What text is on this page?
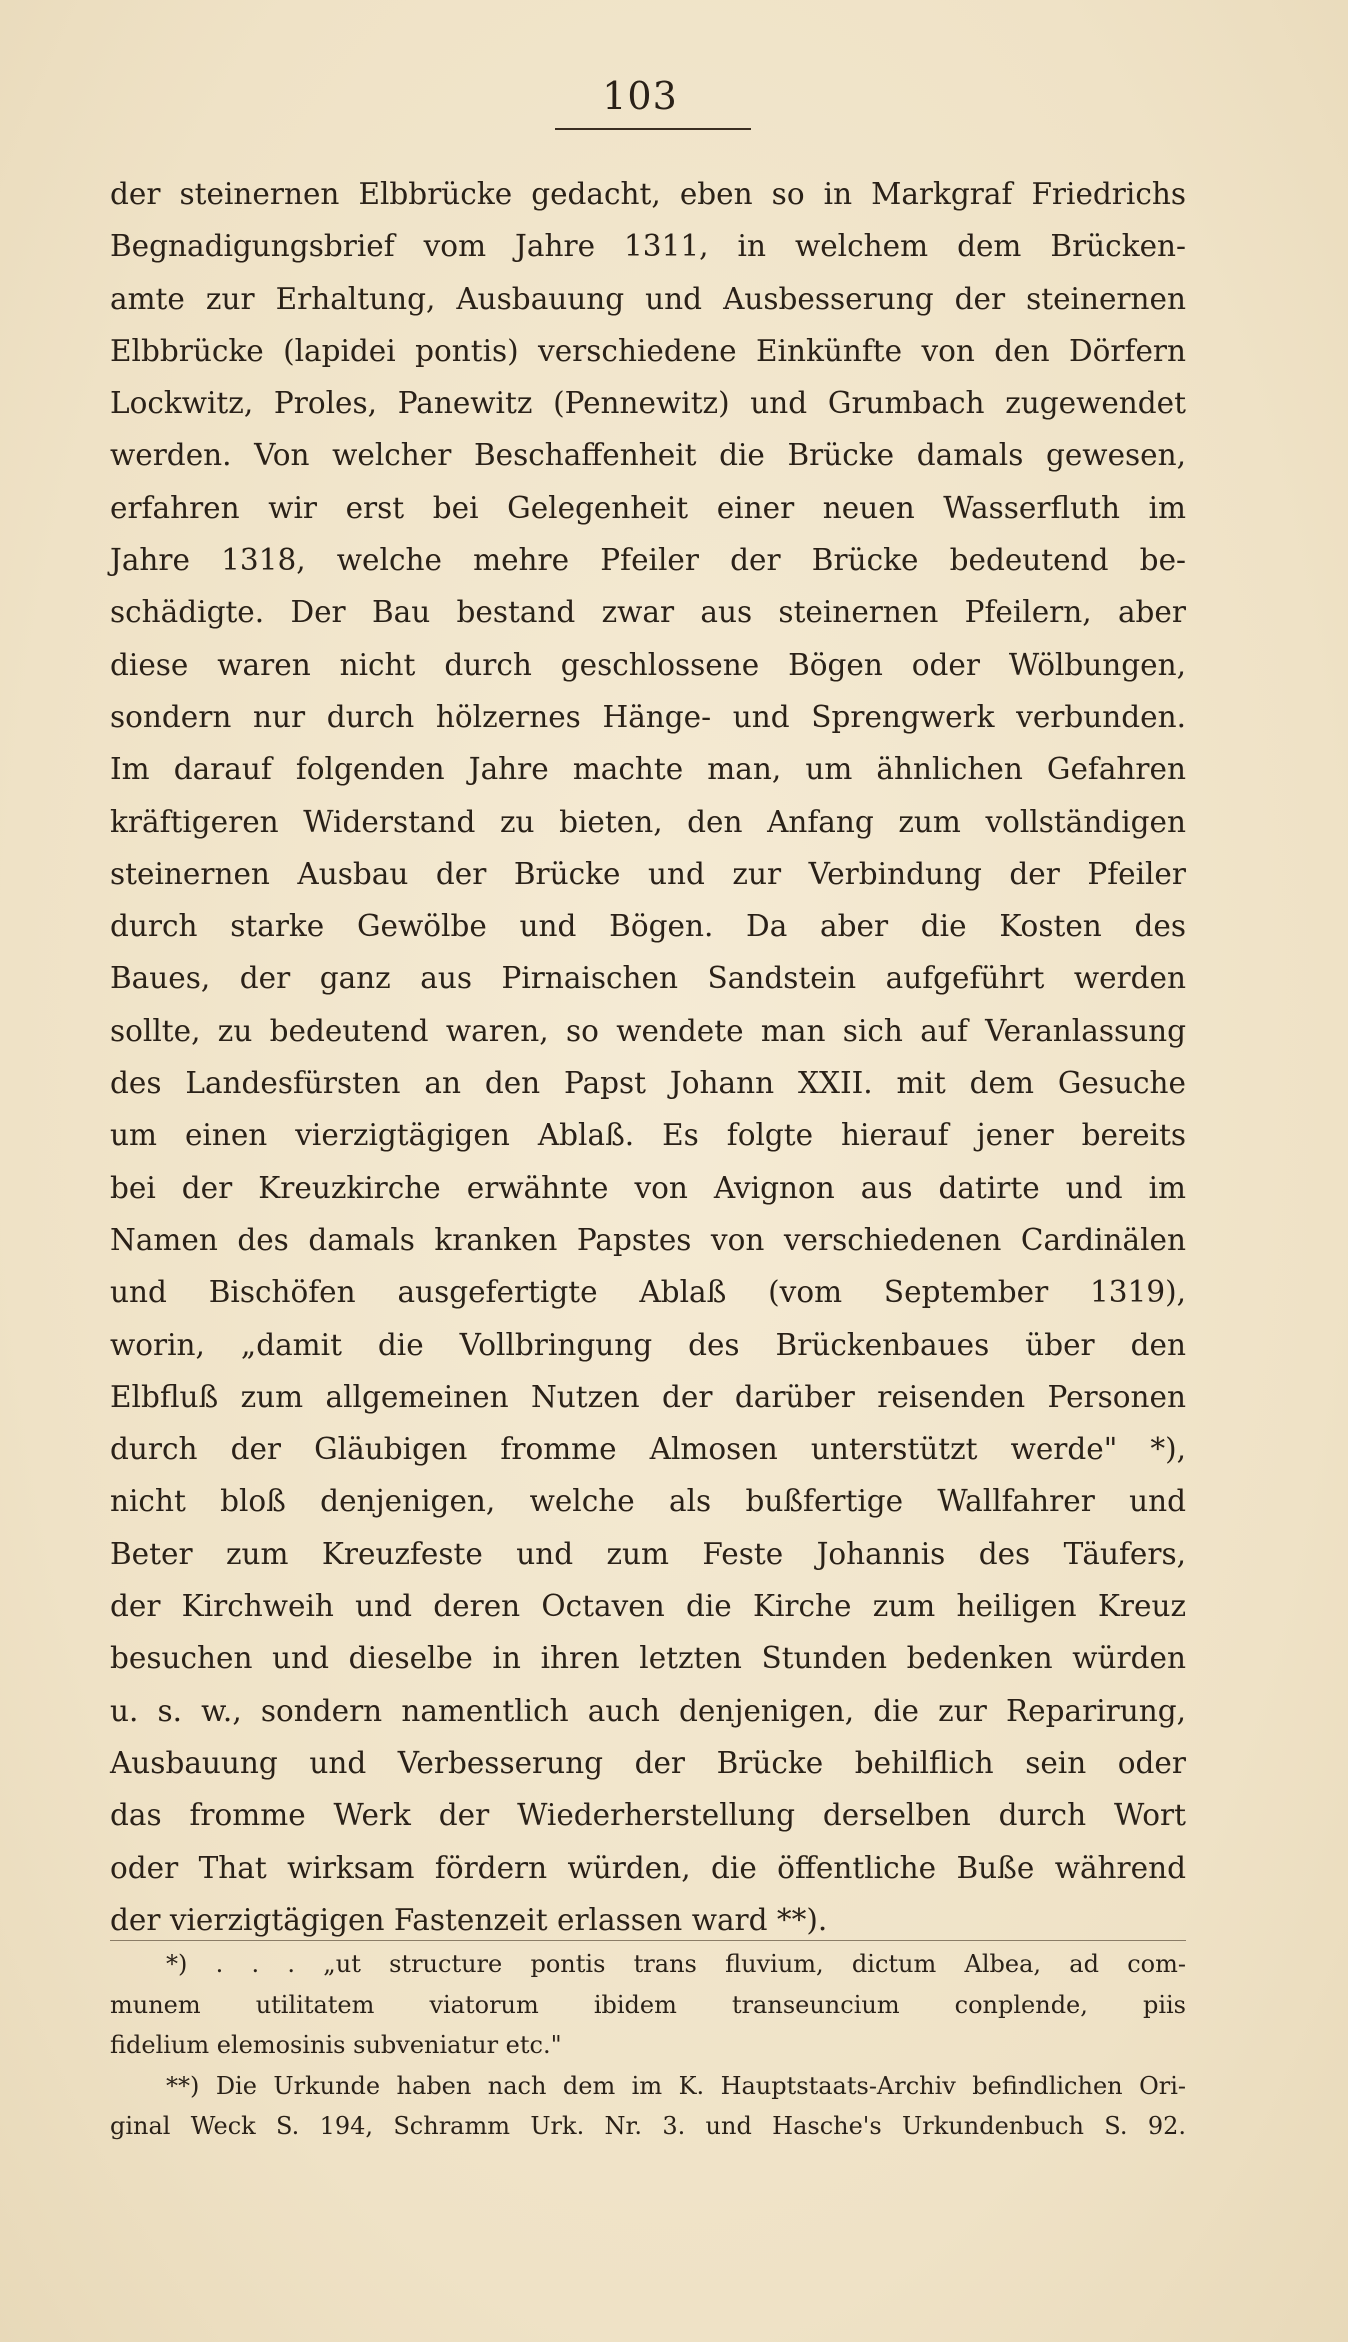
103
der steinernen Elbbrücke gedacht, eben so in Markgraf Friedrichs
Begnadigungsbrief vom Jahre 1311, in welchem dem Brücken-
amte zur Erhaltung, Ausbauung und Ausbesserung der steinernen
Elbbrücke (lapidei pontis) verschiedene Einkünfte von den Dörfern
Lockwitz, Proles, Panewitz (Pennewitz) und Grumbach zugewendet
werden. Von welcher Beschaffenheit die Brücke damals gewesen,
erfahren wir erst bei Gelegenheit einer neuen Wasserfluth im
Jahre 1318, welche mehre Pfeiler der Brücke bedeutend be-
schädigte. Der Bau bestand zwar aus steinernen Pfeilern, aber
diese waren nicht durch geschlossene Bögen oder Wölbungen,
sondern nur durch hölzernes Hänge- und Sprengwerk verbunden.
Im darauf folgenden Jahre machte man, um ähnlichen Gefahren
kräftigeren Widerstand zu bieten, den Anfang zum vollständigen
steinernen Ausbau der Brücke und zur Verbindung der Pfeiler
durch starke Gewölbe und Bögen. Da aber die Kosten des
Baues, der ganz aus Pirnaischen Sandstein aufgeführt werden
sollte, zu bedeutend waren, so wendete man sich auf Veranlassung
des Landesfürsten an den Papst Johann XXII. mit dem Gesuche
um einen vierzigtägigen Ablaß. Es folgte hierauf jener bereits
bei der Kreuzkirche erwähnte von Avignon aus datirte und im
Namen des damals kranken Papstes von verschiedenen Cardinälen
und Bischöfen ausgefertigte Ablaß (vom September 1319),
worin, „damit die Vollbringung des Brückenbaues über den
Elbfluß zum allgemeinen Nutzen der darüber reisenden Personen
durch der Gläubigen fromme Almosen unterstützt werde" *),
nicht bloß denjenigen, welche als bußfertige Wallfahrer und
Beter zum Kreuzfeste und zum Feste Johannis des Täufers,
der Kirchweih und deren Octaven die Kirche zum heiligen Kreuz
besuchen und dieselbe in ihren letzten Stunden bedenken würden
u. s. w., sondern namentlich auch denjenigen, die zur Reparirung,
Ausbauung und Verbesserung der Brücke behilflich sein oder
das fromme Werk der Wiederherstellung derselben durch Wort
oder That wirksam fördern würden, die öffentliche Buße während
der vierzigtägigen Fastenzeit erlassen ward **).
*) . . . „ut structure pontis trans fluvium, dictum Albea, ad com-
munem utilitatem viatorum ibidem transeuncium conplende, piis
fidelium elemosinis subveniatur etc."
**) Die Urkunde haben nach dem im K. Hauptstaats-Archiv befindlichen Ori-
ginal Weck S. 194, Schramm Urk. Nr. 3. und Hasche's Urkundenbuch S. 92.
